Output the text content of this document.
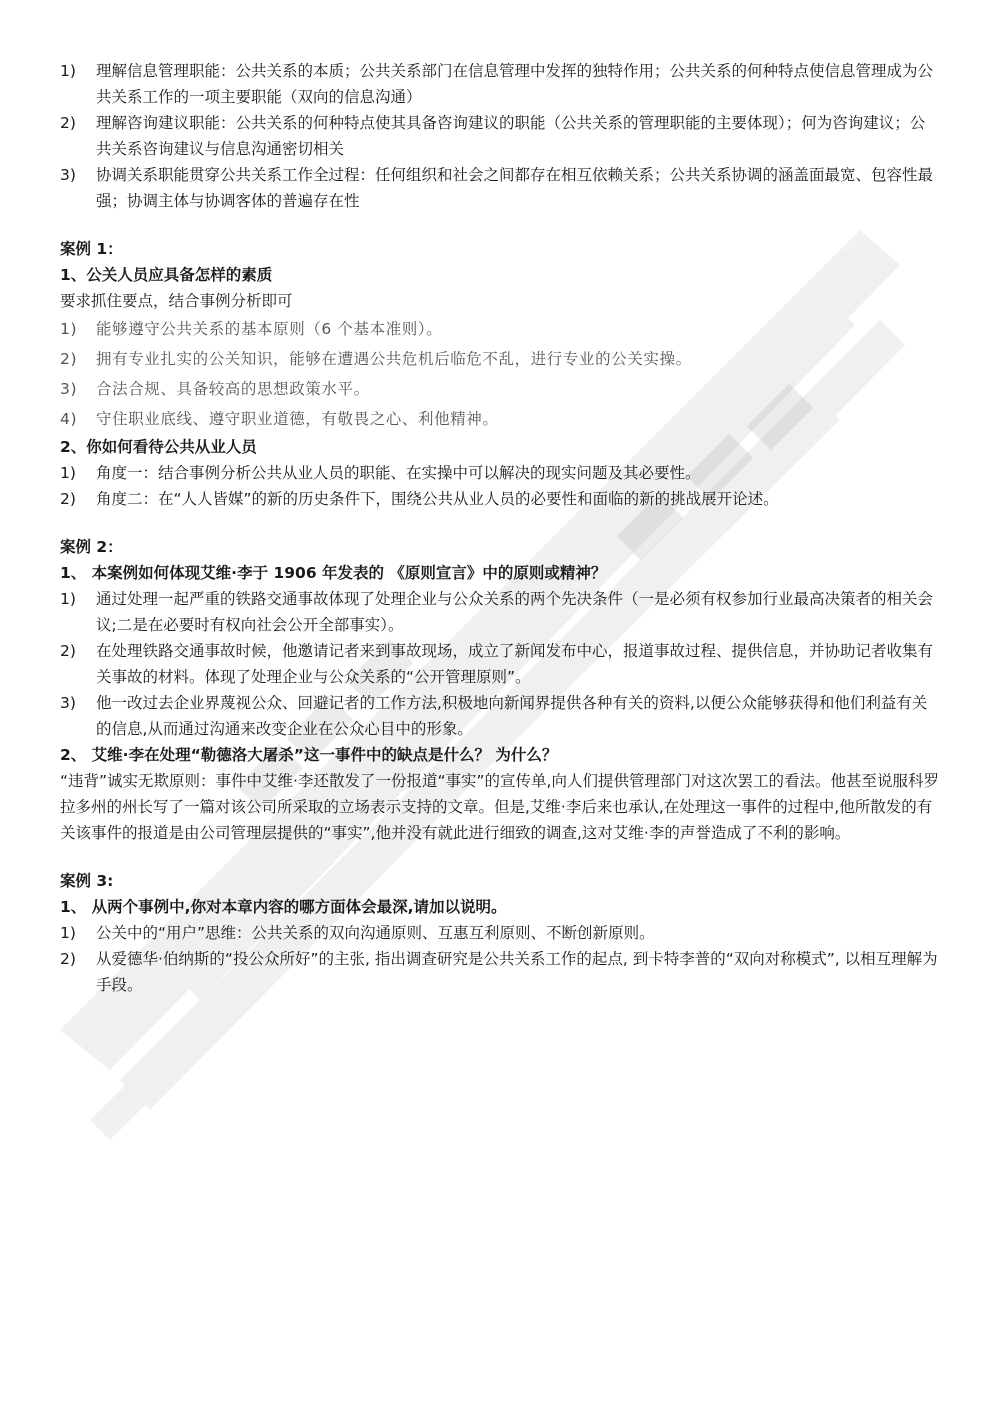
1)	理解信息管理职能：公共关系的本质；公共关系部门在信息管理中发挥的独特作用；公共关系的何种特点使信息管理成为公共关系工作的一项主要职能（双向的信息沟通）
2)	理解咨询建议职能：公共关系的何种特点使其具备咨询建议的职能（公共关系的管理职能的主要体现）；何为咨询建议；公共关系咨询建议与信息沟通密切相关
3)	协调关系职能贯穿公共关系工作全过程：任何组织和社会之间都存在相互依赖关系；公共关系协调的涵盖面最宽、包容性最强；协调主体与协调客体的普遍存在性

案例 1：

1、公关人员应具备怎样的素质

要求抓住要点，结合事例分析即可

1)	能够遵守公共关系的基本原则（6 个基本准则）。
2)	拥有专业扎实的公关知识，能够在遭遇公共危机后临危不乱，进行专业的公关实操。
3)	合法合规、具备较高的思想政策水平。
4)	守住职业底线、遵守职业道德，有敬畏之心、利他精神。

2、你如何看待公共从业人员

1)	角度一：结合事例分析公共从业人员的职能、在实操中可以解决的现实问题及其必要性。
2)	角度二：在“人人皆媒”的新的历史条件下，围绕公共从业人员的必要性和面临的新的挑战展开论述。

案例 2：

1、 本案例如何体现艾维·李于 1906 年发表的 《原则宣言》中的原则或精神？

1)	通过处理一起严重的铁路交通事故体现了处理企业与公众关系的两个先决条件（一是必须有权参加行业最高决策者的相关会议;二是在必要时有权向社会公开全部事实）。
2)	在处理铁路交通事故时候，他邀请记者来到事故现场，成立了新闻发布中心，报道事故过程、提供信息，并协助记者收集有关事故的材料。体现了处理企业与公众关系的“公开管理原则”。
3)	他一改过去企业界蔑视公众、回避记者的工作方法,积极地向新闻界提供各种有关的资料,以便公众能够获得和他们利益有关的信息,从而通过沟通来改变企业在公众心目中的形象。

2、 艾维·李在处理“勒德洛大屠杀”这一事件中的缺点是什么？ 为什么？

“违背”诚实无欺原则：事件中艾维·李还散发了一份报道“事实”的宣传单,向人们提供管理部门对这次罢工的看法。他甚至说服科罗拉多州的州长写了一篇对该公司所采取的立场表示支持的文章。但是,艾维·李后来也承认,在处理这一事件的过程中,他所散发的有关该事件的报道是由公司管理层提供的“事实”,他并没有就此进行细致的调查,这对艾维·李的声誉造成了不利的影响。

案例 3:

1、 从两个事例中,你对本章内容的哪方面体会最深,请加以说明。

1)	公关中的“用户”思维：公共关系的双向沟通原则、互惠互利原则、不断创新原则。
2)	从爱德华·伯纳斯的“投公众所好”的主张, 指出调查研究是公共关系工作的起点, 到卡特李普的“双向对称模式”, 以相互理解为手段。
